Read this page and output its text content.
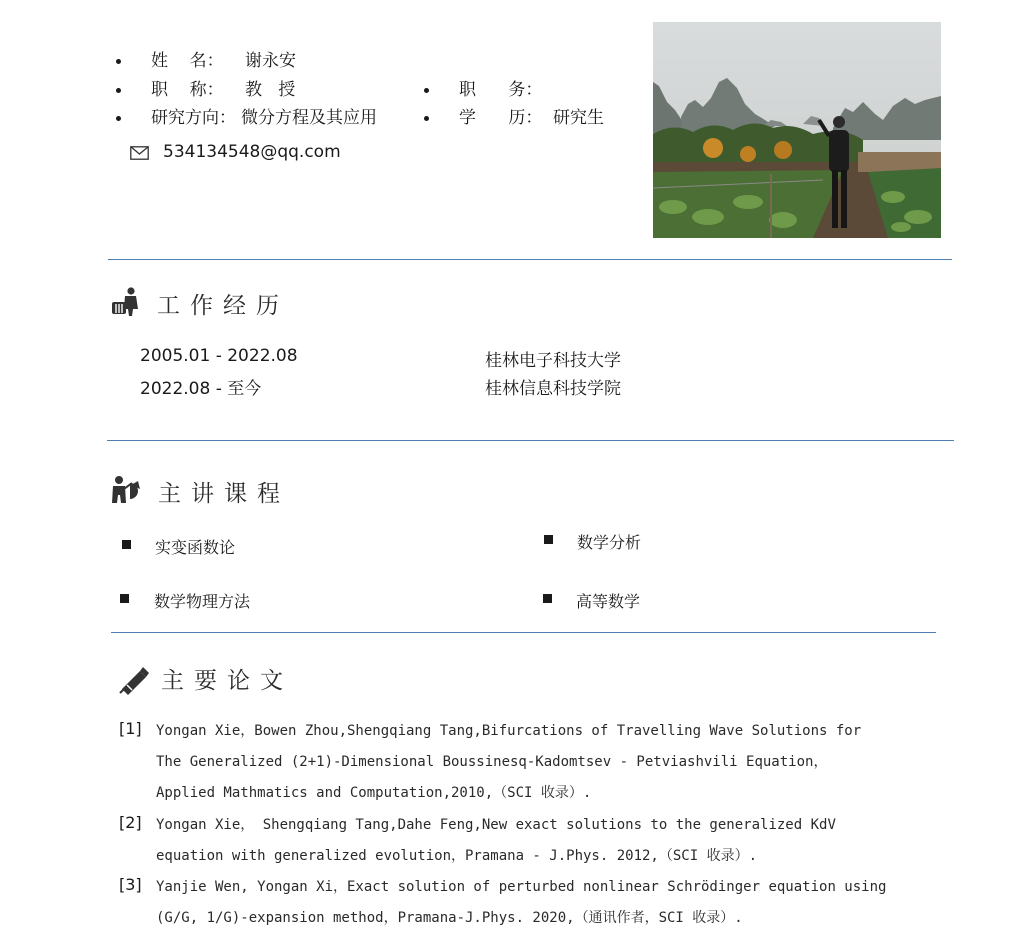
姓    名： 谢永安
职    称： 教   授	职      务：
研究方向： 微分方程及其应用	学      历： 研究生
534134548@qq.com
工作经历
2005.01 - 2022.08	桂林电子科技大学
2022.08 - 至今	桂林信息科技学院
主讲课程
实变函数论	数学分析
数学物理方法	高等数学
主要论文
[1] Yongan Xie，Bowen Zhou,Shengqiang Tang,Bifurcations of Travelling Wave Solutions for
The Generalized (2+1)-Dimensional Boussinesq-Kadomtsev - Petviashvili Equation，
Applied Mathmatics and Computation,2010,（SCI 收录）.
[2] Yongan Xie， Shengqiang Tang,Dahe Feng,New exact solutions to the generalized KdV
equation with generalized evolution，Pramana - J.Phys. 2012,（SCI 收录）.
[3] Yanjie Wen, Yongan Xi，Exact solution of perturbed nonlinear Schrödinger equation using
(G/G, 1/G)-expansion method，Pramana-J.Phys. 2020,（通讯作者，SCI 收录）.
